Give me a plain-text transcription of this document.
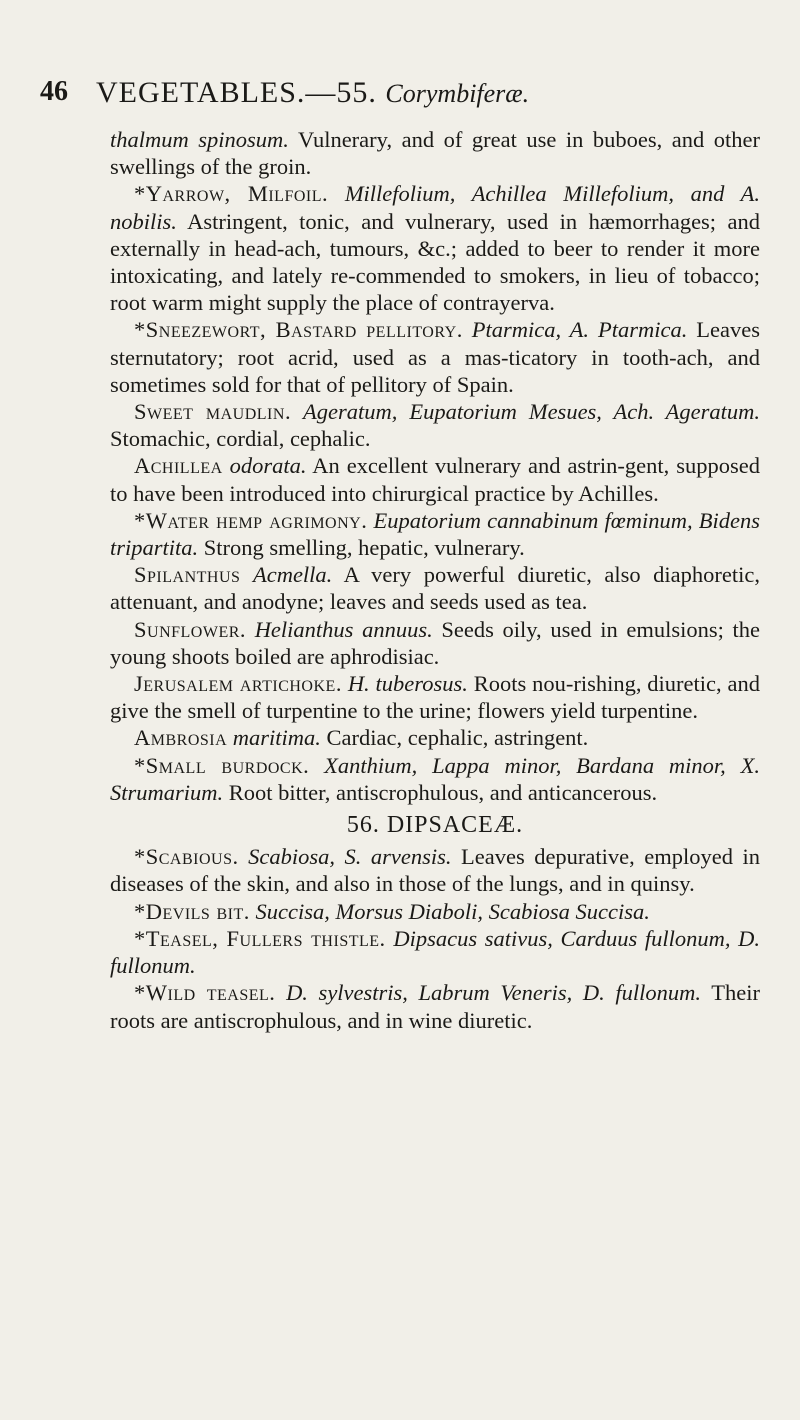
46 VEGETABLES.—55. Corymbiferæ.

thalmum spinosum. Vulnerary, and of great use in buboes, and other swellings of the groin.

*Yarrow, Milfoil. Millefolium, Achillea Millefolium, and A. nobilis. Astringent, tonic, and vulnerary, used in hæmorrhages; and externally in head-ach, tumours, &c.; added to beer to render it more intoxicating, and lately re-commended to smokers, in lieu of tobacco; root warm might supply the place of contrayerva.

*Sneezewort, Bastard pellitory. Ptarmica, A. Ptarmica. Leaves sternutatory; root acrid, used as a mas-ticatory in tooth-ach, and sometimes sold for that of pellitory of Spain.

Sweet maudlin. Ageratum, Eupatorium Mesues, Ach. Ageratum. Stomachic, cordial, cephalic.

Achillea odorata. An excellent vulnerary and astrin-gent, supposed to have been introduced into chirurgical practice by Achilles.

*Water hemp agrimony. Eupatorium cannabinum fœminum, Bidens tripartita. Strong smelling, hepatic, vulnerary.

Spilanthus Acmella. A very powerful diuretic, also diaphoretic, attenuant, and anodyne; leaves and seeds used as tea.

Sunflower. Helianthus annuus. Seeds oily, used in emulsions; the young shoots boiled are aphrodisiac.

Jerusalem artichoke. H. tuberosus. Roots nou-rishing, diuretic, and give the smell of turpentine to the urine; flowers yield turpentine.

Ambrosia maritima. Cardiac, cephalic, astringent.

*Small burdock. Xanthium, Lappa minor, Bardana minor, X. Strumarium. Root bitter, antiscrophulous, and anticancerous.

56. DIPSACEÆ.

*Scabious. Scabiosa, S. arvensis. Leaves depurative, employed in diseases of the skin, and also in those of the lungs, and in quinsy.

*Devils bit. Succisa, Morsus Diaboli, Scabiosa Succisa.

*Teasel, Fullers thistle. Dipsacus sativus, Carduus fullonum, D. fullonum.

*Wild teasel. D. sylvestris, Labrum Veneris, D. fullonum. Their roots are antiscrophulous, and in wine diuretic.
